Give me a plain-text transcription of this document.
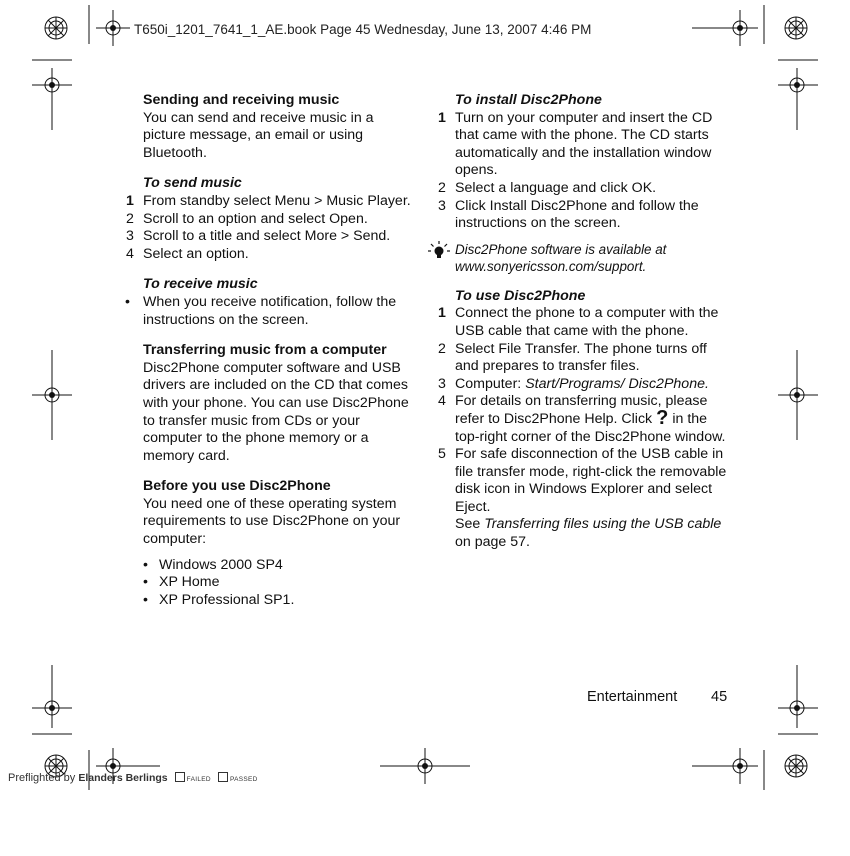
T650i_1201_7641_1_AE.book Page 45 Wednesday, June 13, 2007 4:46 PM

Sending and receiving music

You can send and receive music in a picture message, an email or using Bluetooth.

To send music

1 From standby select Menu > Music Player.
2 Scroll to an option and select Open.
3 Scroll to a title and select More > Send.
4 Select an option.

To receive music

• When you receive notification, follow the instructions on the screen.

Transferring music from a computer

Disc2Phone computer software and USB drivers are included on the CD that comes with your phone. You can use Disc2Phone to transfer music from CDs or your computer to the phone memory or a memory card.

Before you use Disc2Phone

You need one of these operating system requirements to use Disc2Phone on your computer:

• Windows 2000 SP4
• XP Home
• XP Professional SP1.

To install Disc2Phone

1 Turn on your computer and insert the CD that came with the phone. The CD starts automatically and the installation window opens.
2 Select a language and click OK.
3 Click Install Disc2Phone and follow the instructions on the screen.
Disc2Phone software is available at www.sonyericsson.com/support.

To use Disc2Phone

1 Connect the phone to a computer with the USB cable that came with the phone.
2 Select File Transfer. The phone turns off and prepares to transfer files.
3 Computer: Start/Programs/ Disc2Phone.
4 For details on transferring music, please refer to Disc2Phone Help. Click ? in the top-right corner of the Disc2Phone window.
5 For safe disconnection of the USB cable in file transfer mode, right-click the removable disk icon in Windows Explorer and select Eject.

See Transferring files using the USB cable on page 57.

Entertainment 45
Preflighted by Elanders Berlings	FAILED	PASSED
